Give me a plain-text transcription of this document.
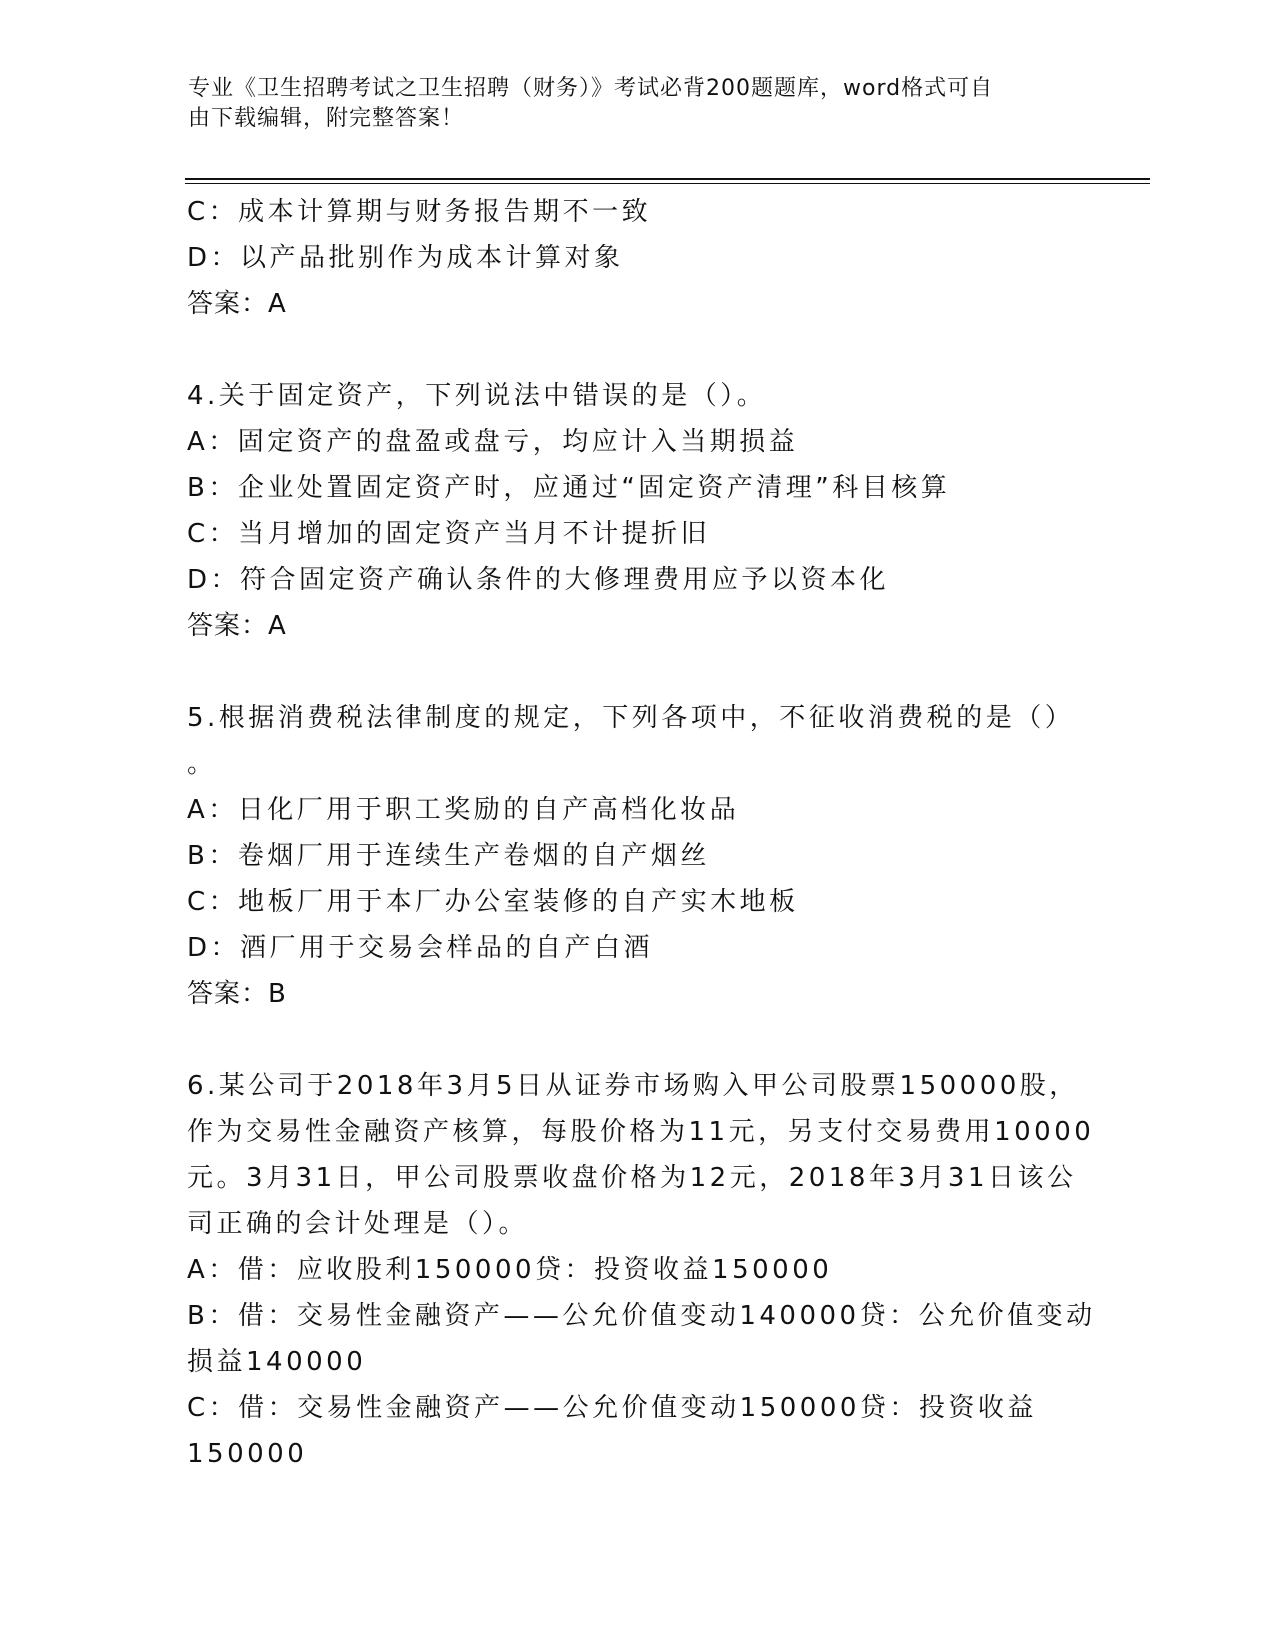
专业《卫生招聘考试之卫生招聘（财务）》考试必背200题题库，word格式可自
由下载编辑，附完整答案！
C：成本计算期与财务报告期不一致
D：以产品批别作为成本计算对象
答案：A
4.关于固定资产，下列说法中错误的是（）。
A：固定资产的盘盈或盘亏，均应计入当期损益
B：企业处置固定资产时，应通过“固定资产清理”科目核算
C：当月增加的固定资产当月不计提折旧
D：符合固定资产确认条件的大修理费用应予以资本化
答案：A
5.根据消费税法律制度的规定，下列各项中，不征收消费税的是（）
。
A：日化厂用于职工奖励的自产高档化妆品
B：卷烟厂用于连续生产卷烟的自产烟丝
C：地板厂用于本厂办公室装修的自产实木地板
D：酒厂用于交易会样品的自产白酒
答案：B
6.某公司于2018年3月5日从证券市场购入甲公司股票150000股，
作为交易性金融资产核算，每股价格为11元，另支付交易费用10000
元。3月31日，甲公司股票收盘价格为12元，2018年3月31日该公
司正确的会计处理是（）。
A：借：应收股利150000贷：投资收益150000
B：借：交易性金融资产——公允价值变动140000贷：公允价值变动
损益140000
C：借：交易性金融资产——公允价值变动150000贷：投资收益
150000
